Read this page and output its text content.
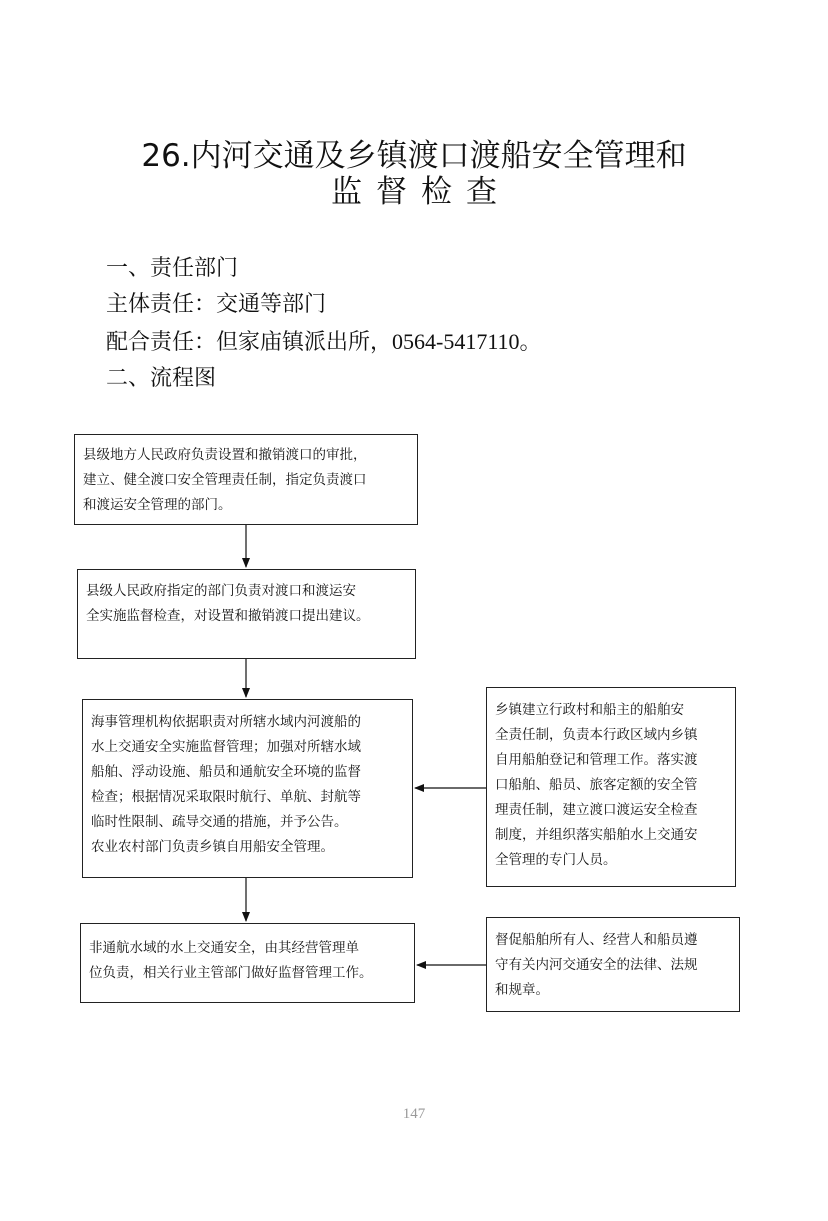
26.内河交通及乡镇渡口渡船安全管理和
监督检查
一、责任部门
主体责任：交通等部门
配合责任：但家庙镇派出所，0564-5417110。
二、流程图
县级地方人民政府负责设置和撤销渡口的审批，
建立、健全渡口安全管理责任制，指定负责渡口
和渡运安全管理的部门。
县级人民政府指定的部门负责对渡口和渡运安
全实施监督检查，对设置和撤销渡口提出建议。
海事管理机构依据职责对所辖水域内河渡船的
水上交通安全实施监督管理；加强对所辖水域
船舶、浮动设施、船员和通航安全环境的监督
检查；根据情况采取限时航行、单航、封航等
临时性限制、疏导交通的措施，并予公告。
农业农村部门负责乡镇自用船安全管理。
乡镇建立行政村和船主的船舶安
全责任制，负责本行政区域内乡镇
自用船舶登记和管理工作。落实渡
口船舶、船员、旅客定额的安全管
理责任制，建立渡口渡运安全检查
制度，并组织落实船舶水上交通安
全管理的专门人员。
非通航水域的水上交通安全，由其经营管理单
位负责，相关行业主管部门做好监督管理工作。
督促船舶所有人、经营人和船员遵
守有关内河交通安全的法律、法规
和规章。
147
